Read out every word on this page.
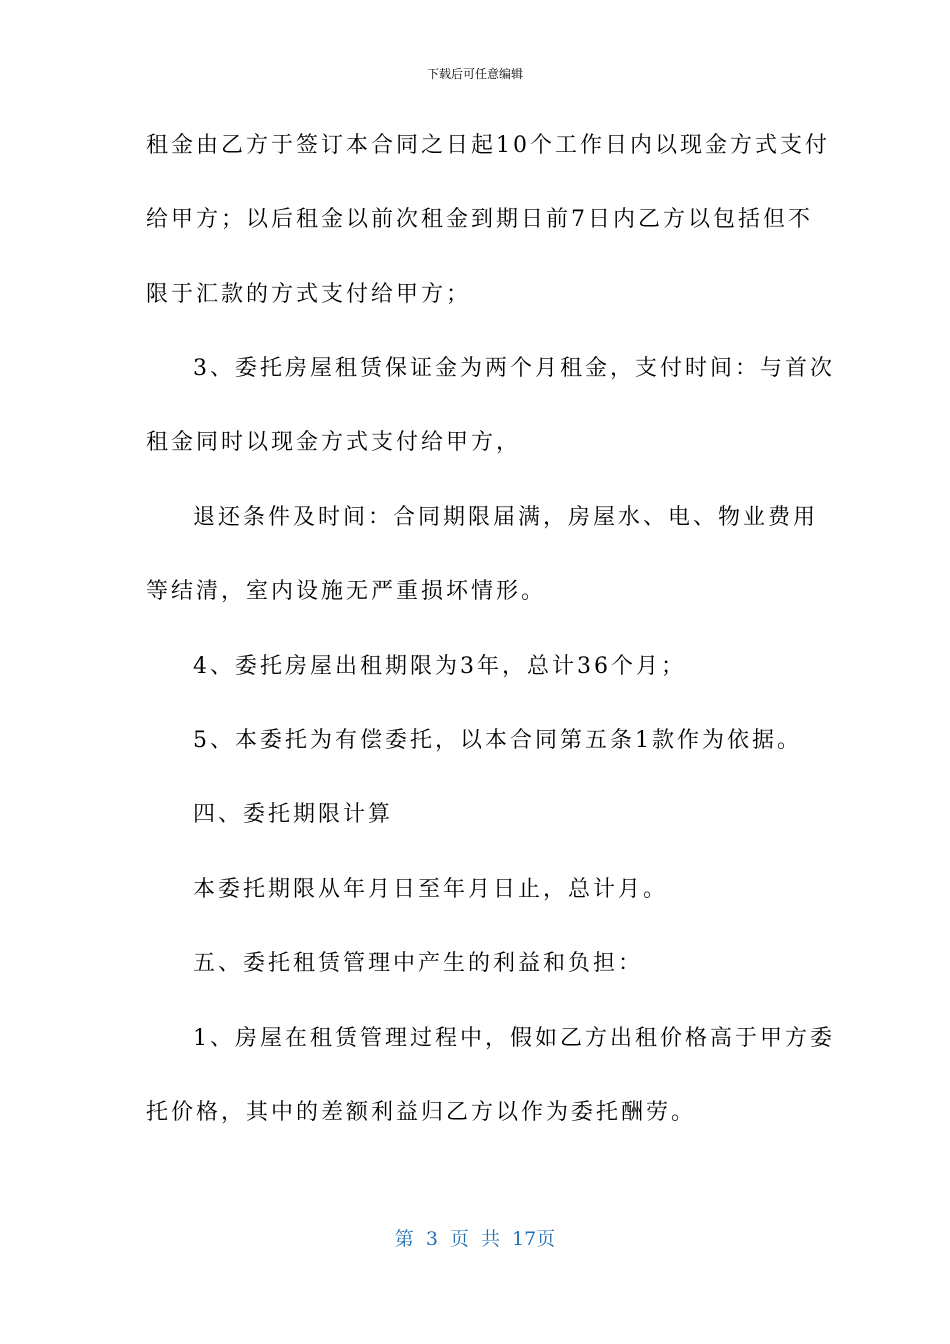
下载后可任意编辑
租金由乙方于签订本合同之日起10个工作日内以现金方式支付
给甲方；以后租金以前次租金到期日前7日内乙方以包括但不
限于汇款的方式支付给甲方；
3、委托房屋租赁保证金为两个月租金，支付时间：与首次
租金同时以现金方式支付给甲方，
退还条件及时间：合同期限届满，房屋水、电、物业费用
等结清，室内设施无严重损坏情形。
4、委托房屋出租期限为3年，总计36个月；
5、本委托为有偿委托，以本合同第五条1款作为依据。
四、委托期限计算
本委托期限从年月日至年月日止，总计月。
五、委托租赁管理中产生的利益和负担：
1、房屋在租赁管理过程中，假如乙方出租价格高于甲方委
托价格，其中的差额利益归乙方以作为委托酬劳。
第 3 页 共 17页
